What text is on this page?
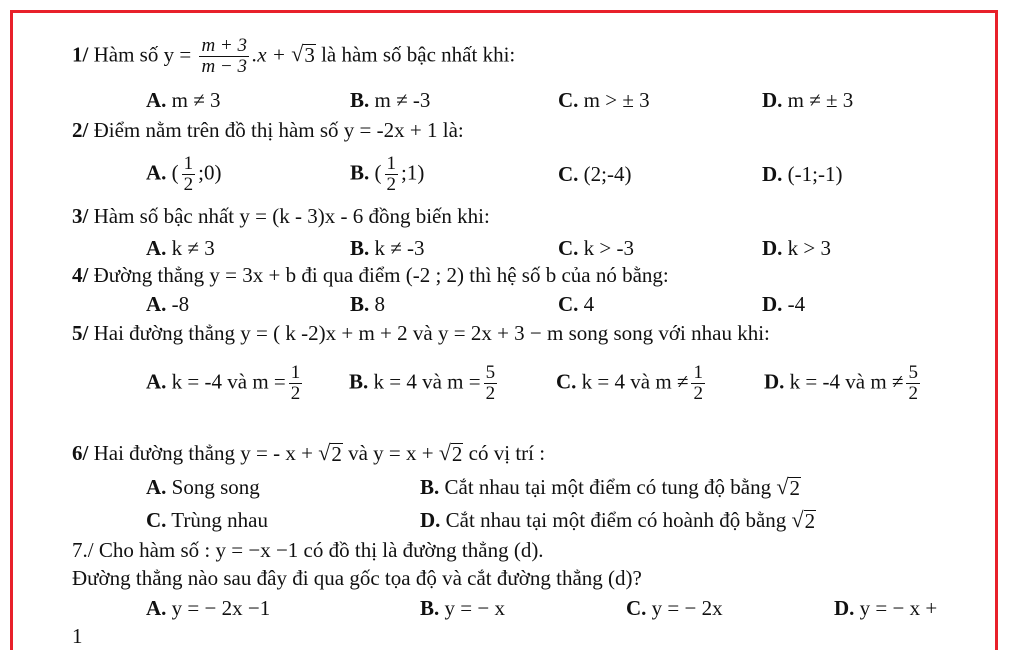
1/ Hàm số $y = \frac{m + 3}{m - 3} .x$ + √ 3 là hàm số bậc nhất khi:
A. m ≠ 3	B. m ≠ -3	C. m > ± 3	D. m ≠ ± 3
2/ Điểm nằm trên đồ thị hàm số y = -2x + 1 là:
A. ( $\frac{1}{2}$ ;0)	B. ( $\frac{1}{2}$ ;1)	C. (2;-4)	D. (-1;-1)
3/ Hàm số bậc nhất y = (k - 3)x - 6 đồng biến khi:
A. k ≠ 3	B. k ≠ -3	C. k > -3	D. k > 3
4/ Đường thẳng y = 3x + b đi qua điểm (-2 ; 2) thì hệ số b của nó bằng:
A. -8	B. 8	C. 4	D. -4
5/ Hai đường thẳng y = ( k -2)x + m + 2 và y = 2x + 3 − m song song với nhau khi:
A. k = -4 và $m = \frac{1}{2} B$. k = 4 và $m = \frac{5}{2}$	C. k = 4 và $m \ne \frac{1}{2}$	D. k = -4 và $m \ne \frac{5}{2}$
6/ Hai đường thẳng y = - x + √ 2 và y = x + √ 2 có vị trí :
A. Song song	B. Cắt nhau tại một điểm có tung độ bằng √ 2
C. Trùng nhau	D. Cắt nhau tại một điểm có hoành độ bằng √ 2
7./ Cho hàm số : y = −x −1 có đồ thị là đường thẳng (d).
Đường thẳng nào sau đây đi qua gốc tọa độ và cắt đường thẳng (d)?
A. y = − 2x −1	B. y = − x	C. y = − 2x	D. y = − x +
1
